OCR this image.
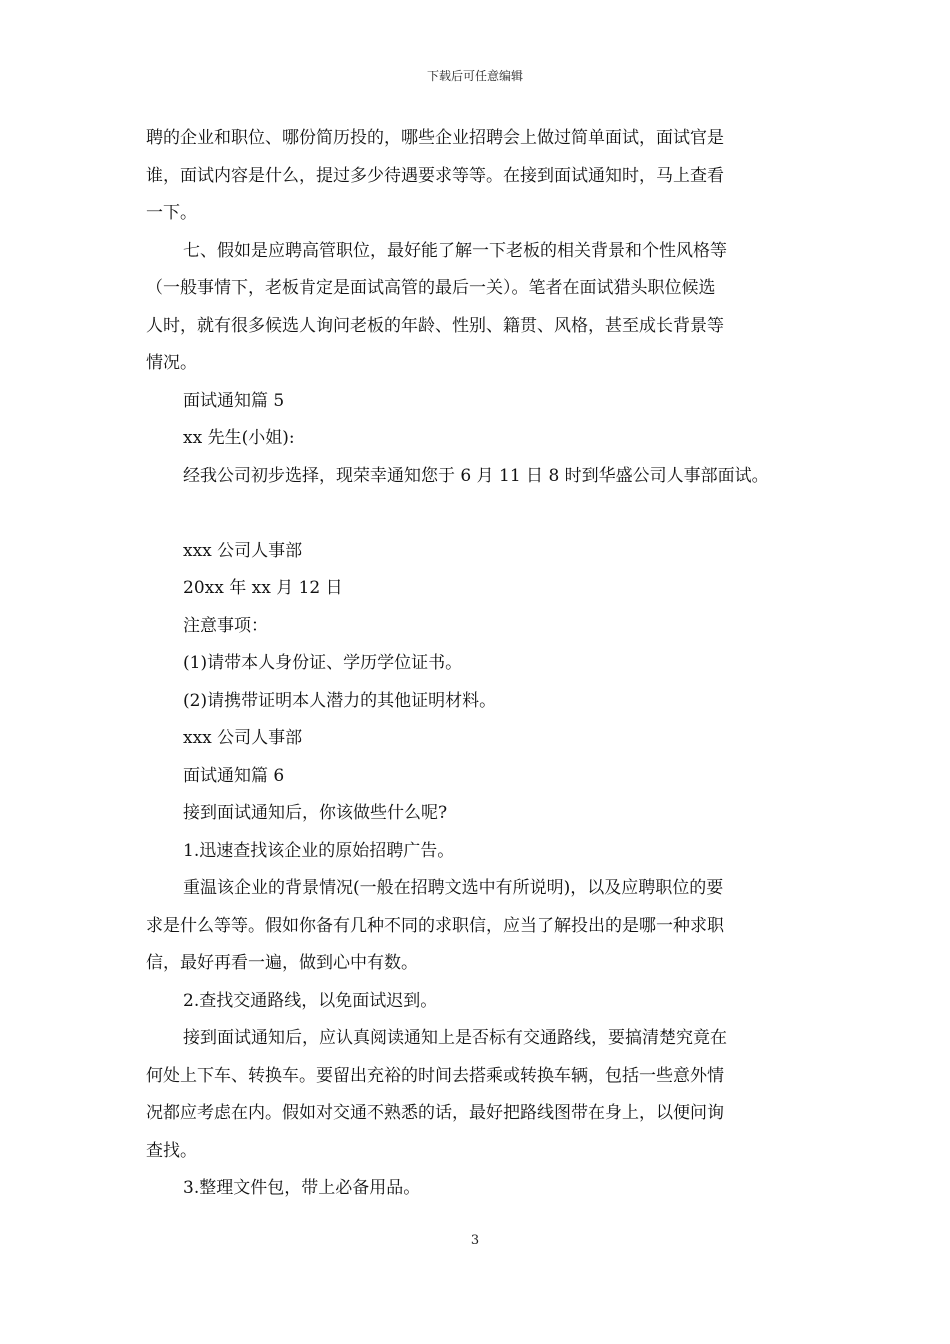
下载后可任意编辑
聘的企业和职位、哪份简历投的，哪些企业招聘会上做过简单面试，面试官是
谁，面试内容是什么，提过多少待遇要求等等。在接到面试通知时，马上查看
一下。
七、假如是应聘高管职位，最好能了解一下老板的相关背景和个性风格等
（一般事情下，老板肯定是面试高管的最后一关）。笔者在面试猎头职位候选
人时，就有很多候选人询问老板的年龄、性别、籍贯、风格，甚至成长背景等
情况。
面试通知篇 5
xx 先生(小姐):
经我公司初步选择，现荣幸通知您于 6 月 11 日 8 时到华盛公司人事部面试。
xxx 公司人事部
20xx 年 xx 月 12 日
注意事项：
(1)请带本人身份证、学历学位证书。
(2)请携带证明本人潜力的其他证明材料。
xxx 公司人事部
面试通知篇 6
接到面试通知后，你该做些什么呢?
1.迅速查找该企业的原始招聘广告。
重温该企业的背景情况(一般在招聘文选中有所说明)，以及应聘职位的要
求是什么等等。假如你备有几种不同的求职信，应当了解投出的是哪一种求职
信，最好再看一遍，做到心中有数。
2.查找交通路线，以免面试迟到。
接到面试通知后，应认真阅读通知上是否标有交通路线，要搞清楚究竟在
何处上下车、转换车。要留出充裕的时间去搭乘或转换车辆，包括一些意外情
况都应考虑在内。假如对交通不熟悉的话，最好把路线图带在身上，以便问询
查找。
3.整理文件包，带上必备用品。
3
